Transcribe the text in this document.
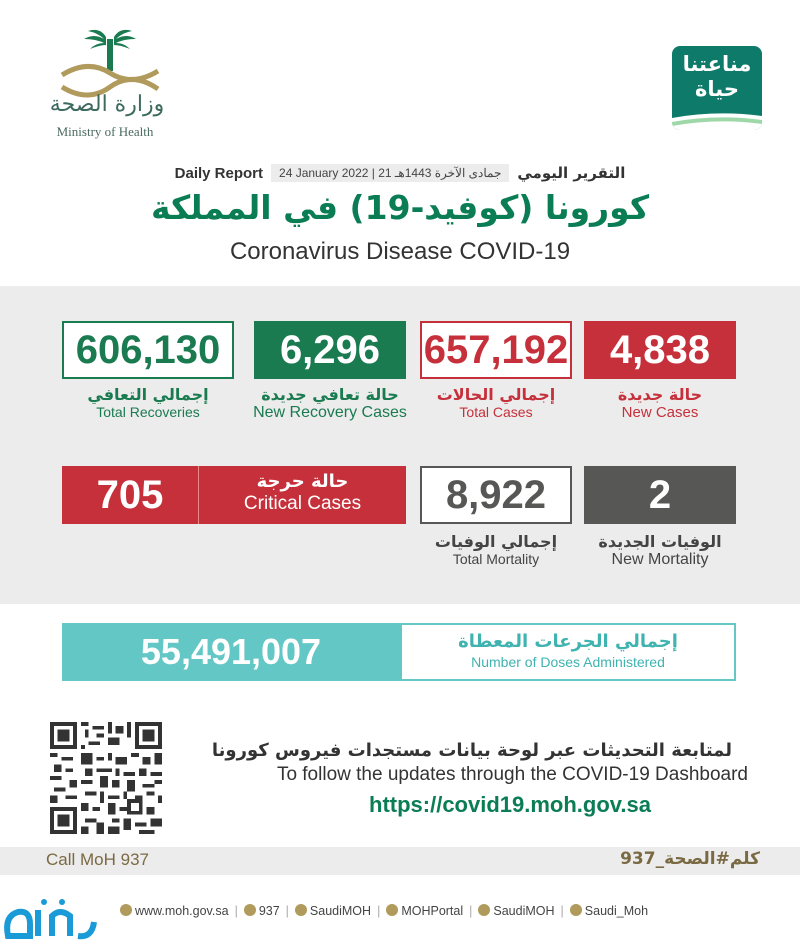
وزارة الصحة
Ministry of Health
مناعتنا
حياة
Daily Report	24 January 2022 | 21 جمادى الآخرة 1443هـ	التقرير اليومي
كورونا (كوفيد-19) في المملكة
Coronavirus Disease COVID-19
4,838
حالة جديدة
New Cases
657,192
إجمالي الحالات
Total Cases
6,296
حالة تعافي جديدة
New Recovery Cases
606,130
إجمالي التعافي
Total Recoveries
2
الوفيات الجديدة
New Mortality
8,922
إجمالي الوفيات
Total Mortality
705	حالة حرجة
Critical Cases
55,491,007	إجمالي الجرعات المعطاة
Number of Doses Administered
لمتابعة التحديثات عبر لوحة بيانات مستجدات فيروس كورونا
To follow the updates through the COVID-19 Dashboard
https://covid19.moh.gov.sa
Call MoH 937	كلم#الصحة_937
www.moh.gov.sa |	937 |	SaudiMOH |	MOHPortal |	SaudiMOH |	Saudi_Moh
